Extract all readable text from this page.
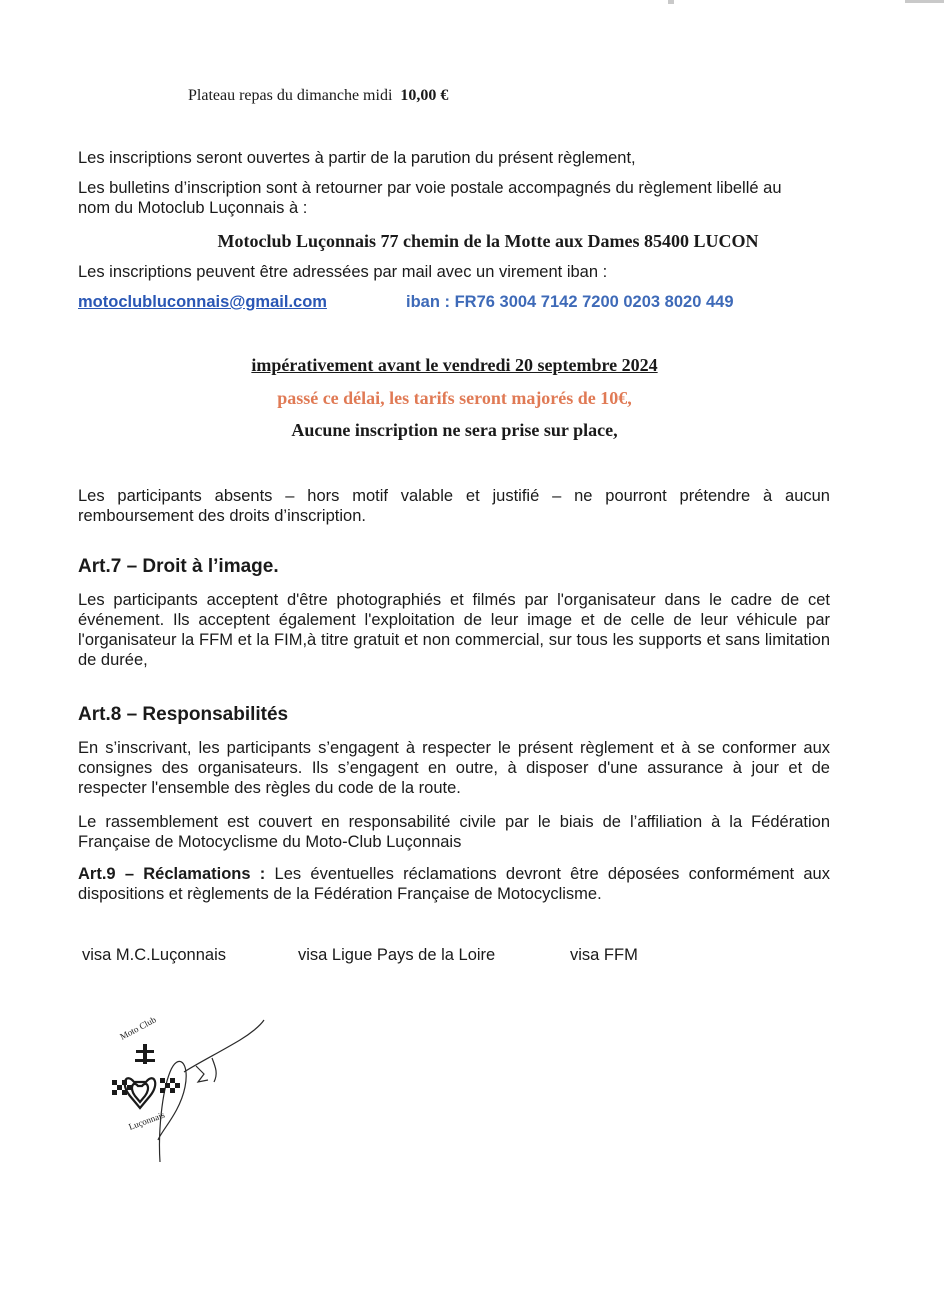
Plateau repas du dimanche midi 10,00 €
Les inscriptions seront ouvertes à partir de la parution du présent règlement,
Les bulletins d’inscription sont à retourner par voie postale accompagnés du règlement libellé au nom du Motoclub Luçonnais à :
Motoclub Luçonnais 77 chemin de la Motte aux Dames 85400 LUCON
Les inscriptions peuvent être adressées par mail avec un virement iban :
motoclubluconnais@gmail.com	iban : FR76 3004 7142 7200 0203 8020 449
impérativement avant le vendredi 20 septembre 2024
passé ce délai, les tarifs seront majorés de 10€,
Aucune inscription ne sera prise sur place,
Les participants absents – hors motif valable et justifié – ne pourront prétendre à aucun remboursement des droits d’inscription.
Art.7 – Droit à l’image.
Les participants acceptent d'être photographiés et filmés par l'organisateur dans le cadre de cet événement. Ils acceptent également l'exploitation de leur image et de celle de leur véhicule par l'organisateur la FFM et la FIM,à titre gratuit et non commercial, sur tous les supports et sans limitation de durée,
Art.8 – Responsabilités
En s’inscrivant, les participants s’engagent à respecter le présent règlement et à se conformer aux consignes des organisateurs. Ils s’engagent en outre, à disposer d'une assurance à jour et de respecter l'ensemble des règles du code de la route.
Le rassemblement est couvert en responsabilité civile par le biais de l’affiliation à la Fédération Française de Motocyclisme du Moto-Club Luçonnais
Art.9 – Réclamations : Les éventuelles réclamations devront être déposées conformément aux dispositions et règlements de la Fédération Française de Motocyclisme.
visa M.C.Luçonnais	visa Ligue Pays de la Loire	visa FFM
Moto Club
Luçonnais
